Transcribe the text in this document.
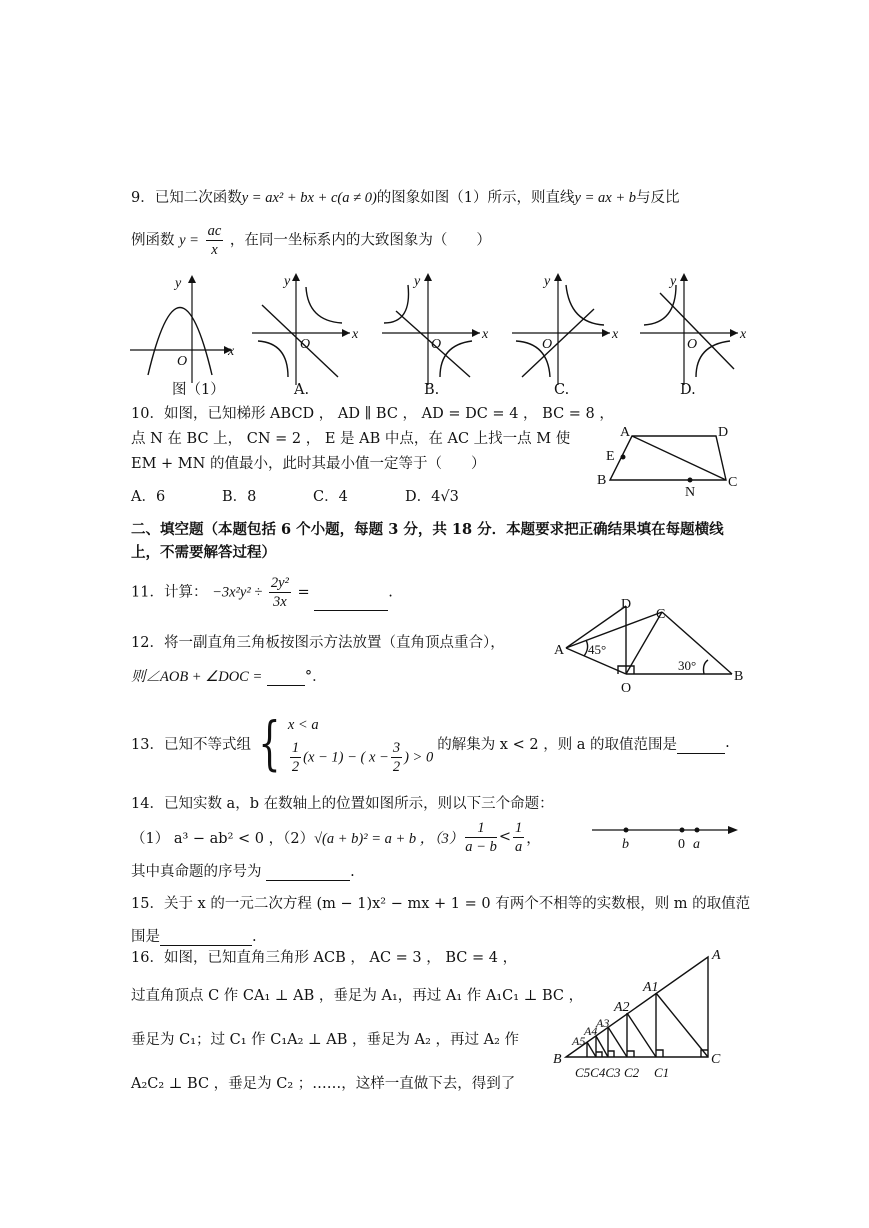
9．已知二次函数y = ax² + bx + c(a ≠ 0)的图象如图（1）所示，则直线y = ax + b与反比
例函数 $y = \frac{ac}{x}$ ，在同一坐标系内的大致图象为（　　）
y
x
O
y
x
O
y
x
O
y
x
O
y
x
O
图（1）	A.	B.	C.	D.
10．如图，已知梯形 ABCD ， AD ∥ BC ， AD = DC = 4 ， BC = 8 ，
点 N 在 BC 上， CN = 2 ， E 是 AB 中点，在 AC 上找一点 M 使
EM + MN 的值最小，此时其最小值一定等于（　　）
A．6	B．8	C．4	D．4√3
A	D
E
B
N
C
二、填空题（本题包括 6 个小题，每题 3 分，共 18 分．本题要求把正确结果填在每题横线
上，不需要解答过程）
11．计算： $-3x^2y^2 \div \frac{\text{2y²}}{3x}$ =	.
12．将一副直角三角板按图示方法放置（直角顶点重合），
则∠AOB + ∠DOC =	°．
D
C
A
O
B
45°
30°
13．已知不等式组 { x < a
$\frac{1}{2} (x - 1)$ − ( $x - \frac{3}{2}$ ) > 0
的解集为 x < 2 ，则 a 的取值范围是	.
14．已知实数 a，b 在数轴上的位置如图所示，则以下三个命题：
（1） a³ − ab² < 0 ，（2） √(a + b)² = a + b ，$(3) \frac{1}{a - b} < \frac{1}{a}$ ，
其中真命题的序号为	.
b	0 a
15．关于 x 的一元二次方程 (m − 1)x² − mx + 1 = 0 有两个不相等的实数根，则 m 的取值范
围是	.
16．如图，已知直角三角形 ACB ， AC = 3 ， BC = 4 ，
过直角顶点 C 作 CA₁ ⊥ AB ，垂足为 A₁，再过 A₁ 作 A₁C₁ ⊥ BC ，
垂足为 C₁；过 C₁ 作 C₁A₂ ⊥ AB ，垂足为 A₂ ，再过 A₂ 作
A₂C₂ ⊥ BC ，垂足为 C₂ ；……，这样一直做下去，得到了
A
A1
A2
A3
A4
A5
B
C5C4C3 C2 C1
C
